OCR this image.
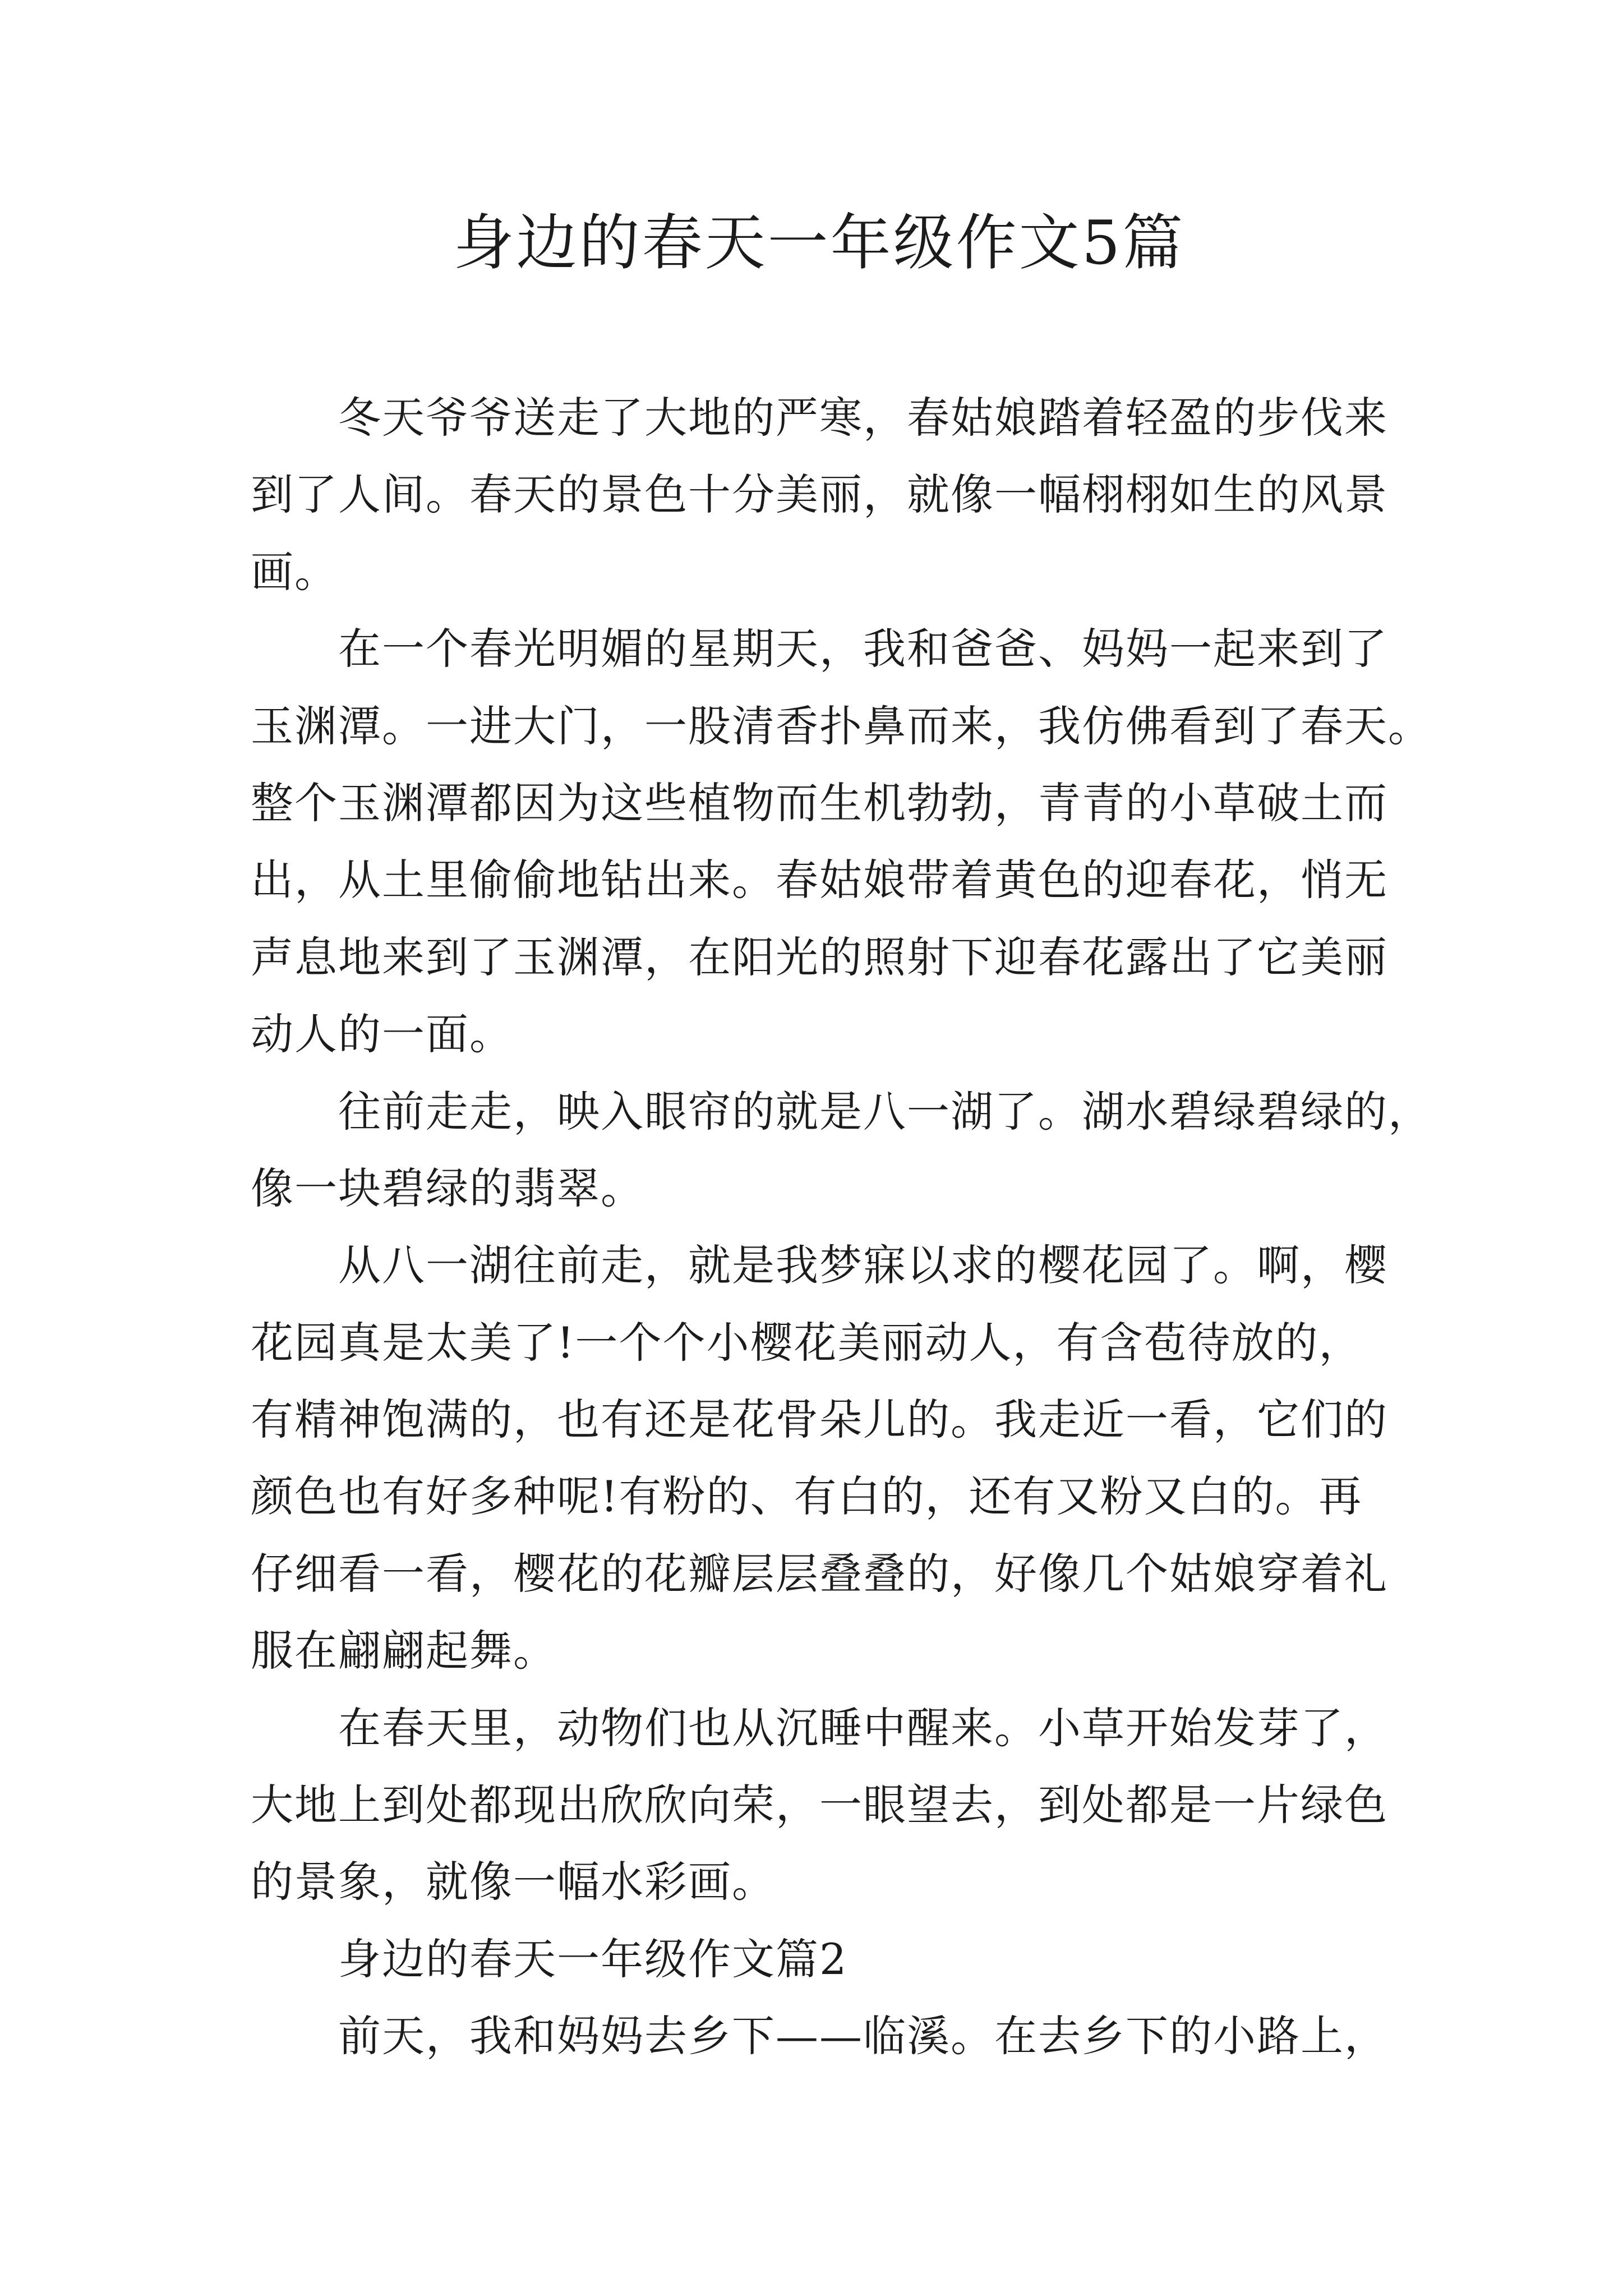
身边的春天一年级作文5篇
冬天爷爷送走了大地的严寒，春姑娘踏着轻盈的步伐来
到了人间。春天的景色十分美丽，就像一幅栩栩如生的风景
画。
在一个春光明媚的星期天，我和爸爸、妈妈一起来到了
玉渊潭。一进大门，一股清香扑鼻而来，我仿佛看到了春天。
整个玉渊潭都因为这些植物而生机勃勃，青青的小草破土而
出，从土里偷偷地钻出来。春姑娘带着黄色的迎春花，悄无
声息地来到了玉渊潭，在阳光的照射下迎春花露出了它美丽
动人的一面。
往前走走，映入眼帘的就是八一湖了。湖水碧绿碧绿的，
像一块碧绿的翡翠。
从八一湖往前走，就是我梦寐以求的樱花园了。啊，樱
花园真是太美了!一个个小樱花美丽动人，有含苞待放的，
有精神饱满的，也有还是花骨朵儿的。我走近一看，它们的
颜色也有好多种呢!有粉的、有白的，还有又粉又白的。再
仔细看一看，樱花的花瓣层层叠叠的，好像几个姑娘穿着礼
服在翩翩起舞。
在春天里，动物们也从沉睡中醒来。小草开始发芽了，
大地上到处都现出欣欣向荣，一眼望去，到处都是一片绿色
的景象，就像一幅水彩画。
身边的春天一年级作文篇2
前天，我和妈妈去乡下——临溪。在去乡下的小路上，
